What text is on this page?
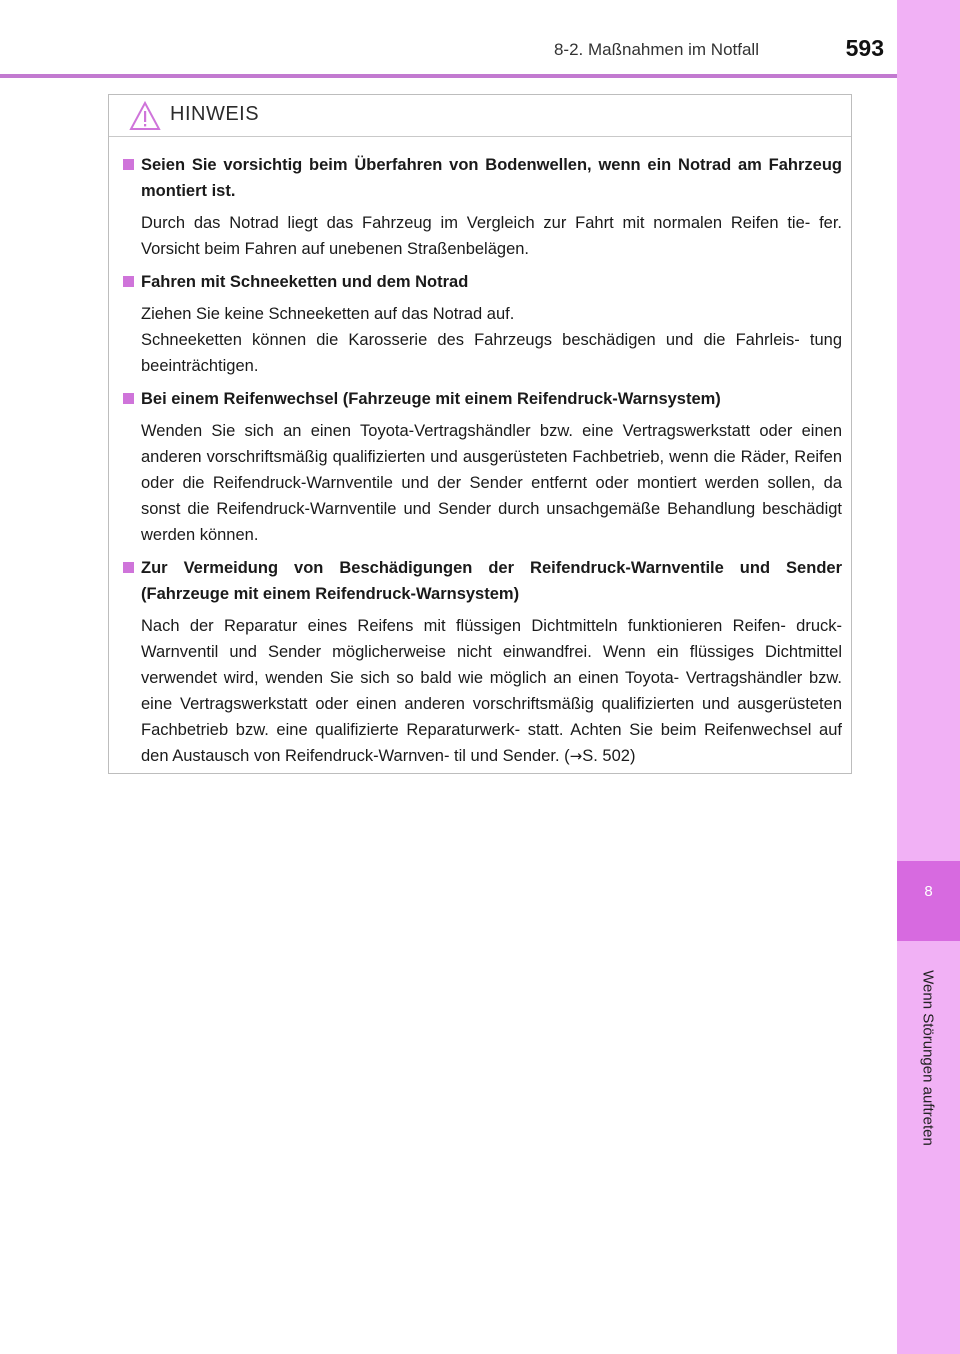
8
Wenn Störungen auftreten
8-2. Maßnahmen im Notfall	593
HINWEIS
Seien Sie vorsichtig beim Überfahren von Bodenwellen, wenn ein Notrad am Fahrzeug montiert ist.
Durch das Notrad liegt das Fahrzeug im Vergleich zur Fahrt mit normalen Reifen tie- fer. Vorsicht beim Fahren auf unebenen Straßenbelägen.
Fahren mit Schneeketten und dem Notrad
Ziehen Sie keine Schneeketten auf das Notrad auf.
Schneeketten können die Karosserie des Fahrzeugs beschädigen und die Fahrleis- tung beeinträchtigen.
Bei einem Reifenwechsel (Fahrzeuge mit einem Reifendruck-Warnsystem)
Wenden Sie sich an einen Toyota-Vertragshändler bzw. eine Vertragswerkstatt oder einen anderen vorschriftsmäßig qualifizierten und ausgerüsteten Fachbetrieb, wenn die Räder, Reifen oder die Reifendruck-Warnventile und der Sender entfernt oder montiert werden sollen, da sonst die Reifendruck-Warnventile und Sender durch unsachgemäße Behandlung beschädigt werden können.
Zur Vermeidung von Beschädigungen der Reifendruck-Warnventile und Sender (Fahrzeuge mit einem Reifendruck-Warnsystem)
Nach der Reparatur eines Reifens mit flüssigen Dichtmitteln funktionieren Reifen- druck-Warnventil und Sender möglicherweise nicht einwandfrei. Wenn ein flüssiges Dichtmittel verwendet wird, wenden Sie sich so bald wie möglich an einen Toyota- Vertragshändler bzw. eine Vertragswerkstatt oder einen anderen vorschriftsmäßig qualifizierten und ausgerüsteten Fachbetrieb bzw. eine qualifizierte Reparaturwerk- statt. Achten Sie beim Reifenwechsel auf den Austausch von Reifendruck-Warnven- til und Sender. (→S. 502)
